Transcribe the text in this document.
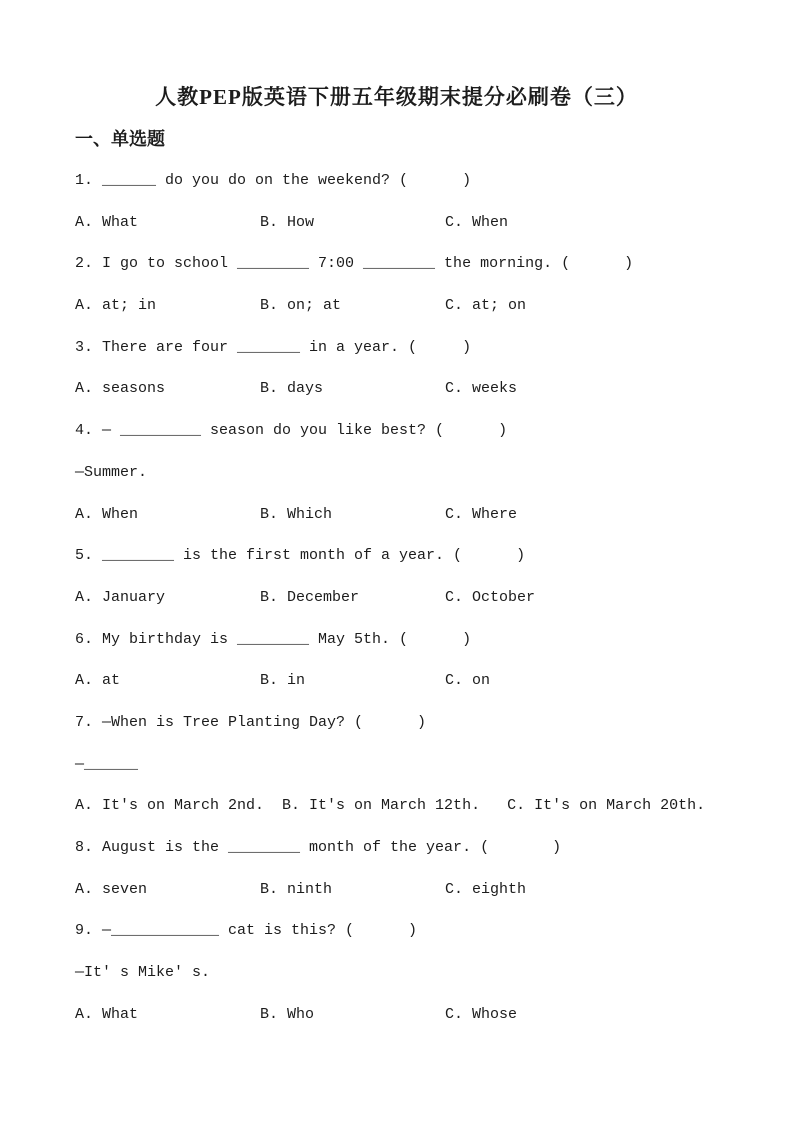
人教PEP版英语下册五年级期末提分必刷卷（三）
一、单选题
1. ______ do you do on the weekend? (      )
A. What	B. How	C. When
2. I go to school ________ 7:00 ________ the morning. (      )
A. at; in	B. on; at	C. at; on
3. There are four _______ in a year. (     )
A. seasons	B. days	C. weeks
4. — _________ season do you like best? (      )
—Summer.
A. When	B. Which	C. Where
5. ________ is the first month of a year. (      )
A. January	B. December	C. October
6. My birthday is ________ May 5th. (      )
A. at	B. in	C. on
7. —When is Tree Planting Day? (      )
—______
A. It's on March 2nd.  B. It's on March 12th.   C. It's on March 20th.
8. August is the ________ month of the year. (       )
A. seven	B. ninth	C. eighth
9. —____________ cat is this? (      )
—It' s Mike' s.
A. What	B. Who	C. Whose
